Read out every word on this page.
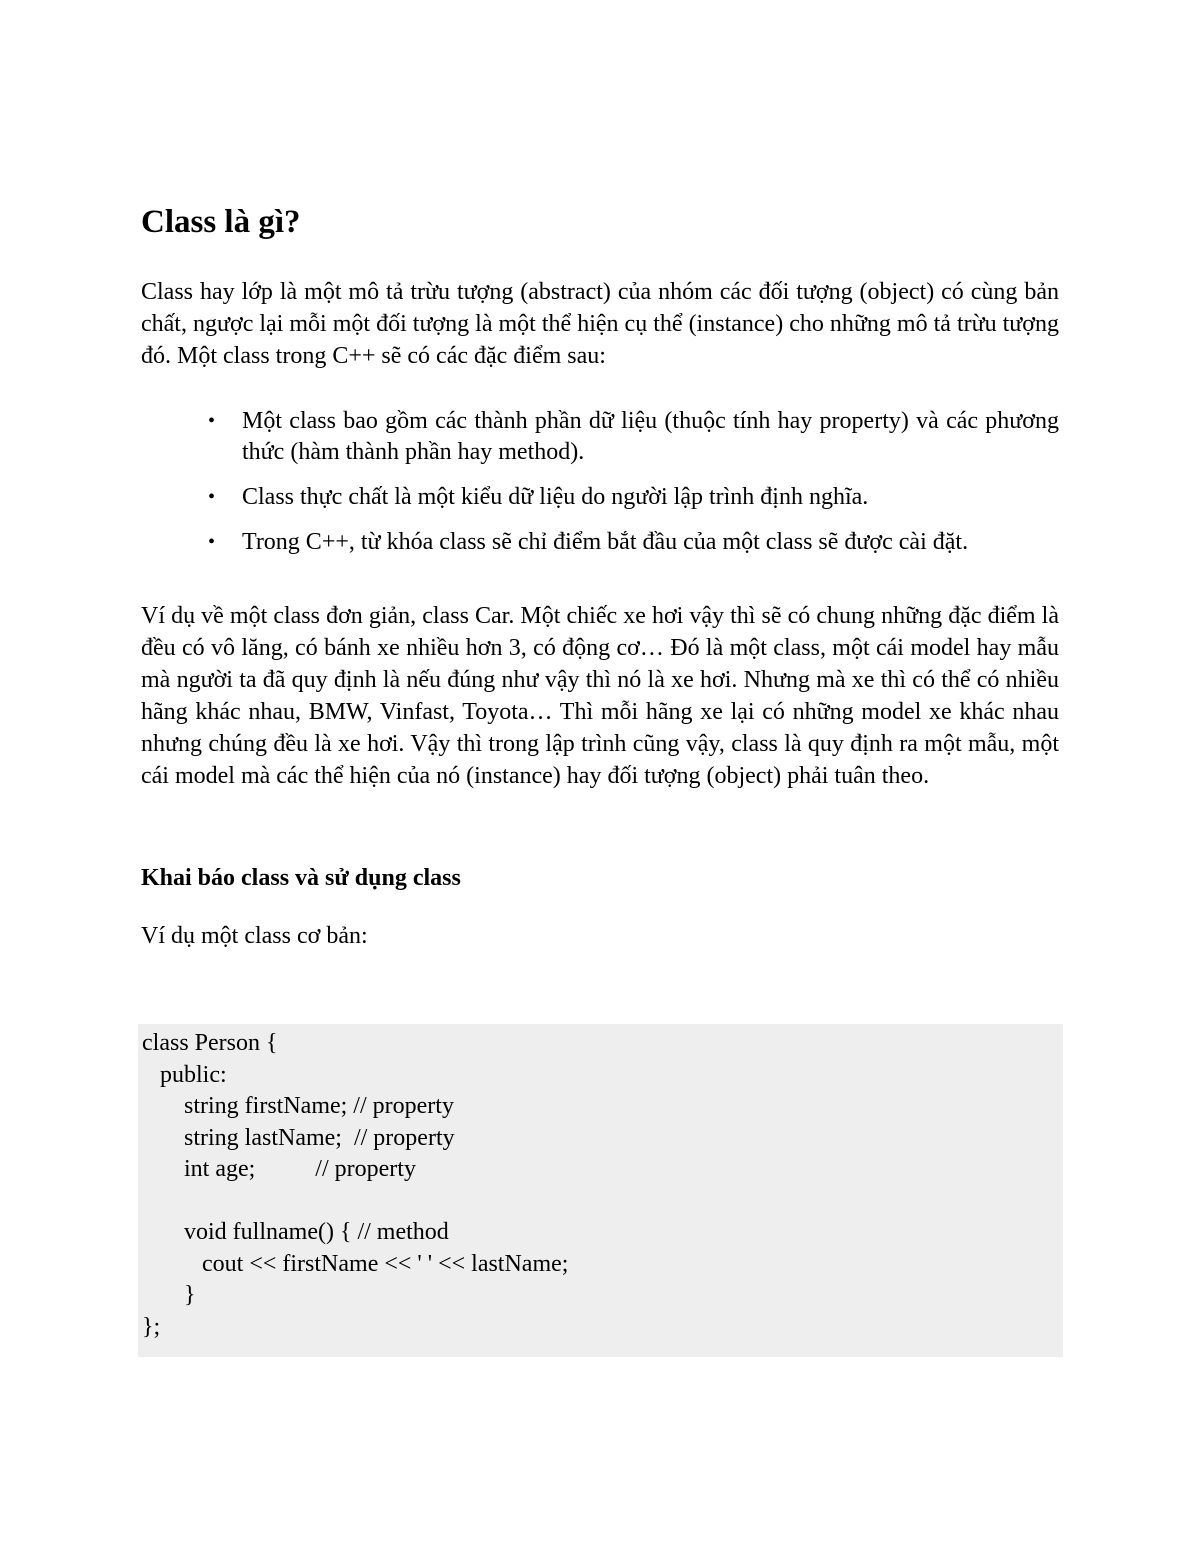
Class là gì?

Class hay lớp là một mô tả trừu tượng (abstract) của nhóm các đối tượng (object) có cùng bản chất, ngược lại mỗi một đối tượng là một thể hiện cụ thể (instance) cho những mô tả trừu tượng đó. Một class trong C++ sẽ có các đặc điểm sau:

• Một class bao gồm các thành phần dữ liệu (thuộc tính hay property) và các phương thức (hàm thành phần hay method).
• Class thực chất là một kiểu dữ liệu do người lập trình định nghĩa.
• Trong C++, từ khóa class sẽ chỉ điểm bắt đầu của một class sẽ được cài đặt.

Ví dụ về một class đơn giản, class Car. Một chiếc xe hơi vậy thì sẽ có chung những đặc điểm là đều có vô lăng, có bánh xe nhiều hơn 3, có động cơ… Đó là một class, một cái model hay mẫu mà người ta đã quy định là nếu đúng như vậy thì nó là xe hơi. Nhưng mà xe thì có thể có nhiều hãng khác nhau, BMW, Vinfast, Toyota… Thì mỗi hãng xe lại có những model xe khác nhau nhưng chúng đều là xe hơi. Vậy thì trong lập trình cũng vậy, class là quy định ra một mẫu, một cái model mà các thể hiện của nó (instance) hay đối tượng (object) phải tuân theo.

Khai báo class và sử dụng class

Ví dụ một class cơ bản:

class Person {
public:
string firstName; // property
string lastName;  // property
int age;          // property

void fullname() { // method
cout << firstName << ' ' << lastName;
}
};
